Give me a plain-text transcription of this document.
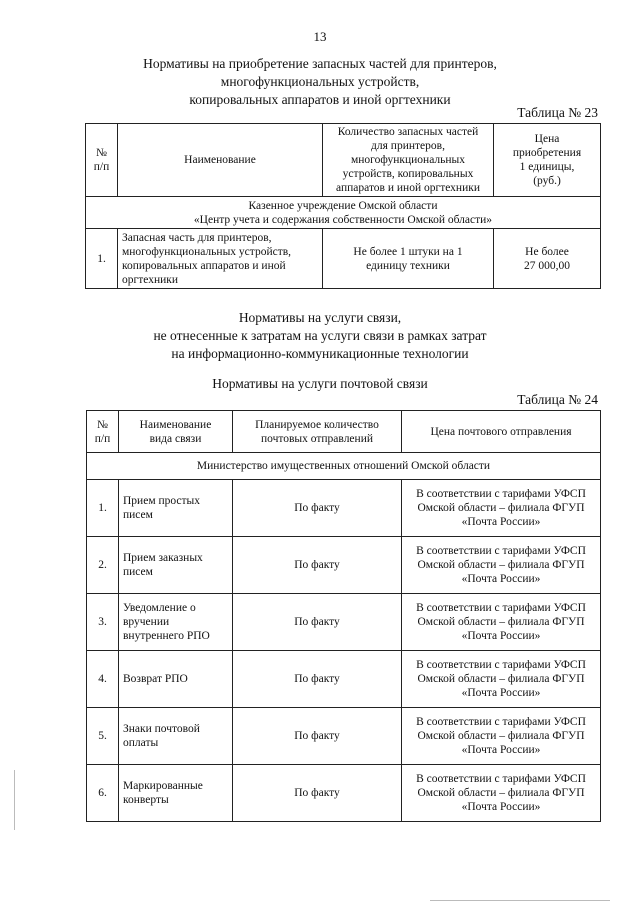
13
Нормативы на приобретение запасных частей для принтеров,
многофункциональных устройств,
копировальных аппаратов и иной оргтехники
Таблица № 23
№
п/п	Наименование	Количество запасных частей
для принтеров,
многофункциональных
устройств, копировальных
аппаратов и иной оргтехники	Цена
приобретения
1 единицы,
(руб.)
Казенное учреждение Омской области
«Центр учета и содержания собственности Омской области»			
1.	Запасная часть для принтеров,
многофункциональных устройств,
копировальных аппаратов и иной
оргтехники	Не более 1 штуки на 1
единицу техники	Не более
27 000,00
Нормативы на услуги связи,
не отнесенные к затратам на услуги связи в рамках затрат
на информационно-коммуникационные технологии
Нормативы на услуги почтовой связи
Таблица № 24
№
п/п	Наименование
вида связи	Планируемое количество
почтовых отправлений	Цена почтового отправления
Министерство имущественных отношений Омской области			
1.	Прием простых
писем	По факту	В соответствии с тарифами УФСП
Омской области – филиала ФГУП
«Почта России»
2.	Прием заказных
писем	По факту	В соответствии с тарифами УФСП
Омской области – филиала ФГУП
«Почта России»
3.	Уведомление о
вручении
внутреннего РПО	По факту	В соответствии с тарифами УФСП
Омской области – филиала ФГУП
«Почта России»
4.	Возврат РПО	По факту	В соответствии с тарифами УФСП
Омской области – филиала ФГУП
«Почта России»
5.	Знаки почтовой
оплаты	По факту	В соответствии с тарифами УФСП
Омской области – филиала ФГУП
«Почта России»
6.	Маркированные
конверты	По факту	В соответствии с тарифами УФСП
Омской области – филиала ФГУП
«Почта России»
